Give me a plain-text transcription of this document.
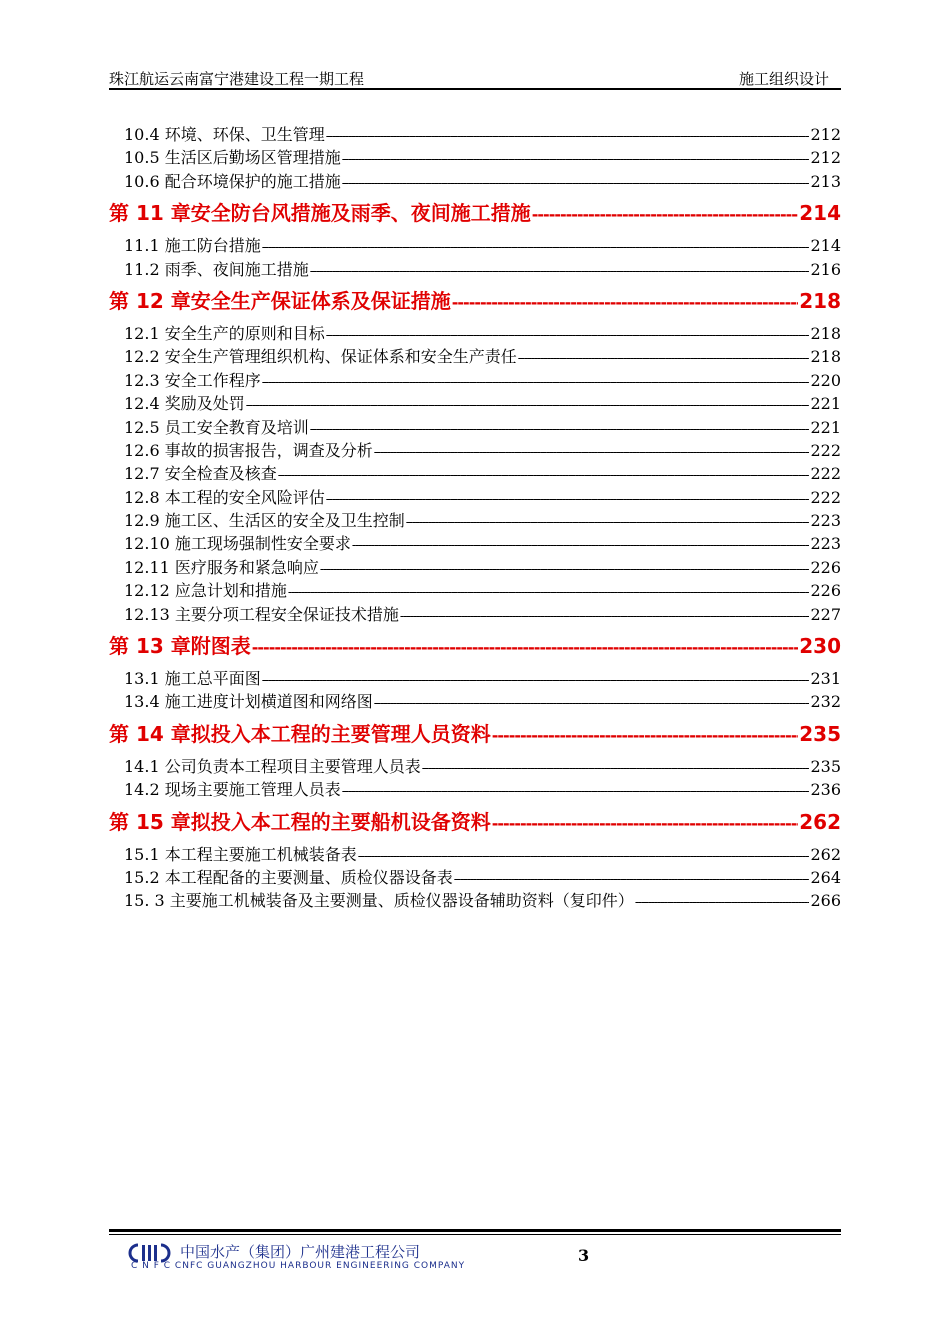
珠江航运云南富宁港建设工程一期工程	施工组织设计
10.4 环境、环保、卫生管理 -----	212
10.5 生活区后勤场区管理措施 -----	212
10.6 配合环境保护的施工措施 -----	213
第 11 章 安全防台风措施及雨季、夜间施工措施 -----	214
11.1 施工防台措施 -----	214
11.2 雨季、夜间施工措施 -----	216
第 12 章 安全生产保证体系及保证措施 -----	218
12.1 安全生产的原则和目标 -----	218
12.2 安全生产管理组织机构、保证体系和安全生产责任 -----	218
12.3 安全工作程序 -----	220
12.4 奖励及处罚 -----	221
12.5 员工安全教育及培训 -----	221
12.6 事故的损害报告，调查及分析 -----	222
12.7 安全检查及核查 -----	222
12.8 本工程的安全风险评估 -----	222
12.9 施工区、生活区的安全及卫生控制 -----	223
12.10 施工现场强制性安全要求 -----	223
12.11 医疗服务和紧急响应 -----	226
12.12 应急计划和措施 -----	226
12.13 主要分项工程安全保证技术措施 -----	227
第 13 章 附图表 -----	230
13.1 施工总平面图 -----	231
13.4 施工进度计划横道图和网络图 -----	232
第 14 章 拟投入本工程的主要管理人员资料 -----	235
14.1 公司负责本工程项目主要管理人员表 -----	235
14.2 现场主要施工管理人员表 -----	236
第 15 章 拟投入本工程的主要船机设备资料 -----	262
15.1 本工程主要施工机械装备表 -----	262
15.2 本工程配备的主要测量、质检仪器设备表 -----	264
15. 3 主要施工机械装备及主要测量、质检仪器设备辅助资料（复印件） -----	266
中国水产（集团）广州建港工程公司
C N F C CNFC GUANGZHOU HARBOUR ENGINEERING COMPANY
3
